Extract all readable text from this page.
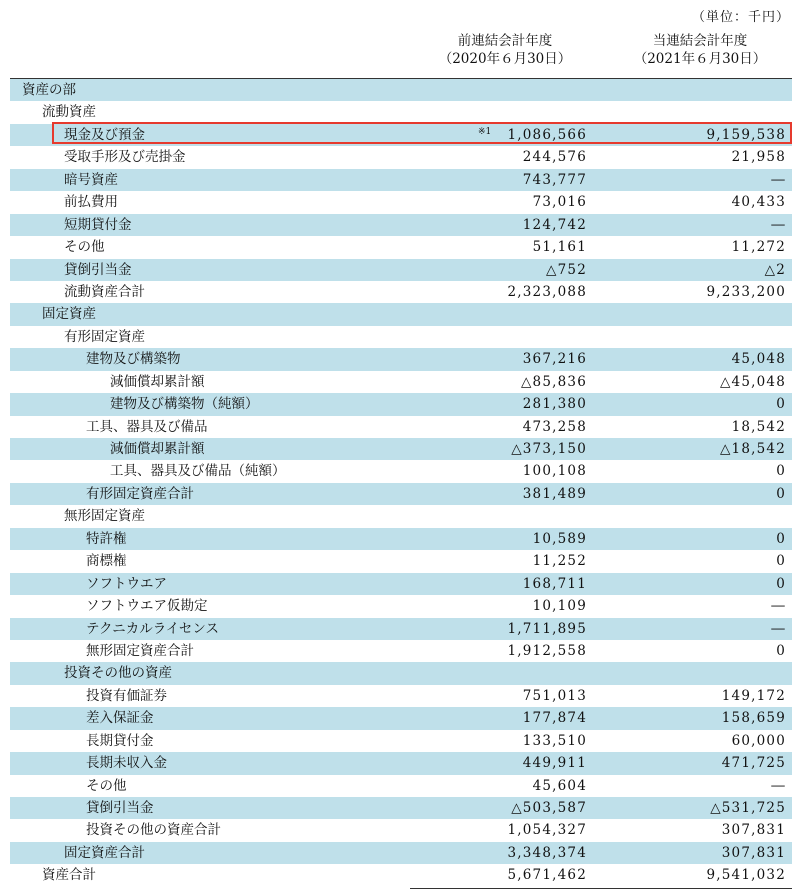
（単位：千円）
前連結会計年度
（2020年６月30日）
当連結会計年度
（2021年６月30日）
資産の部
流動資産
現金及び預金	※1 1,086,566	9,159,538
受取手形及び売掛金	244,576	21,958
暗号資産	743,777	―
前払費用	73,016	40,433
短期貸付金	124,742	―
その他	51,161	11,272
貸倒引当金	△752	△2
流動資産合計	2,323,088	9,233,200
固定資産
有形固定資産
建物及び構築物	367,216	45,048
減価償却累計額	△85,836	△45,048
建物及び構築物（純額）	281,380	0
工具、器具及び備品	473,258	18,542
減価償却累計額	△373,150	△18,542
工具、器具及び備品（純額）	100,108	0
有形固定資産合計	381,489	0
無形固定資産
特許権	10,589	0
商標権	11,252	0
ソフトウエア	168,711	0
ソフトウエア仮勘定	10,109	―
テクニカルライセンス	1,711,895	―
無形固定資産合計	1,912,558	0
投資その他の資産
投資有価証券	751,013	149,172
差入保証金	177,874	158,659
長期貸付金	133,510	60,000
長期未収入金	449,911	471,725
その他	45,604	―
貸倒引当金	△503,587	△531,725
投資その他の資産合計	1,054,327	307,831
固定資産合計	3,348,374	307,831
資産合計	5,671,462	9,541,032
